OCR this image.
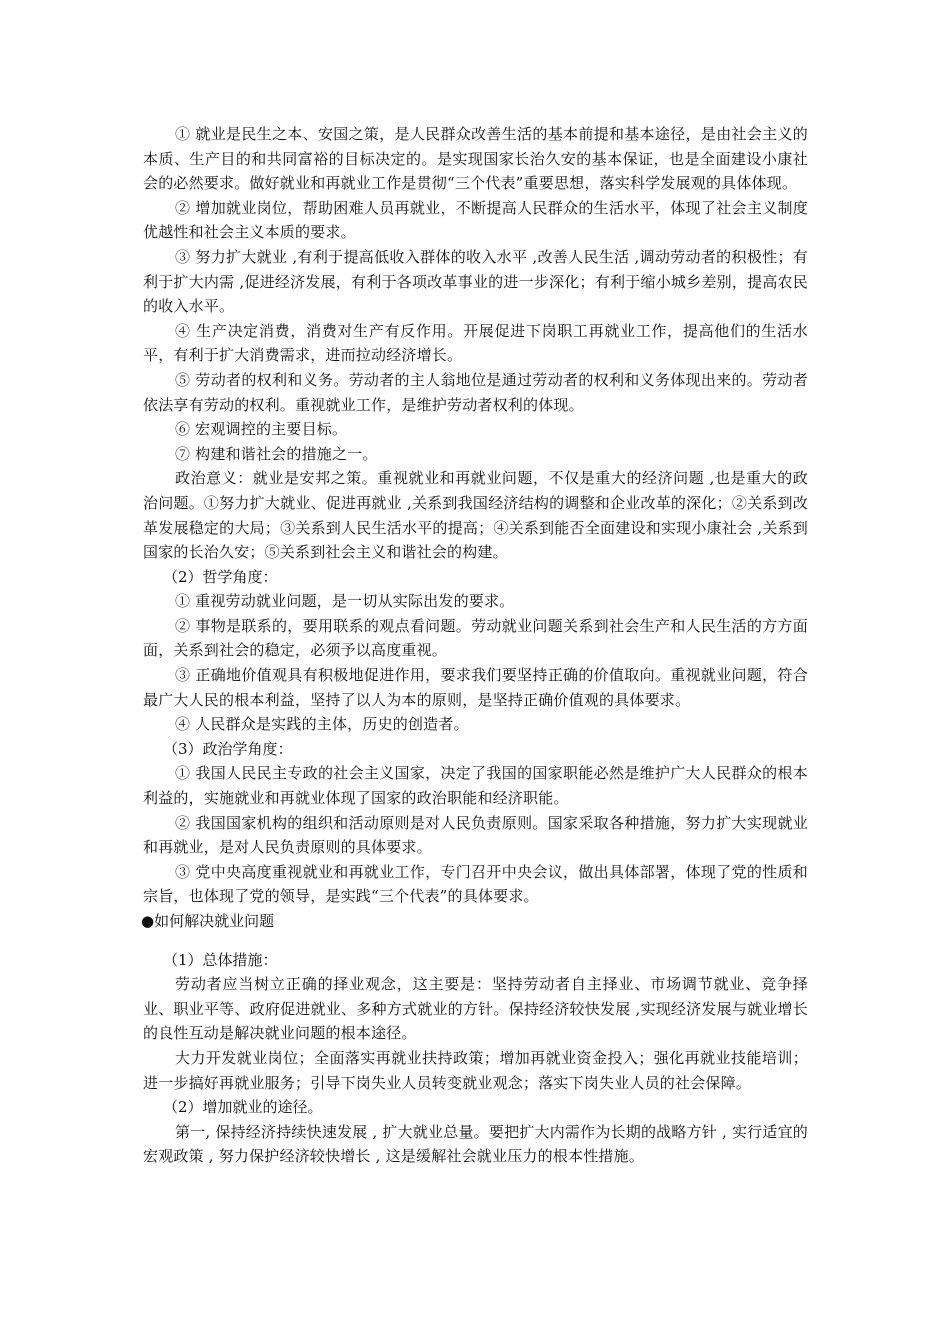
① 就业是民生之本、安国之策，是人民群众改善生活的基本前提和基本途径，是由社会主义的本质、生产目的和共同富裕的目标决定的。是实现国家长治久安的基本保证，也是全面建设小康社会的必然要求。做好就业和再就业工作是贯彻“三个代表”重要思想，落实科学发展观的具体体现。

② 增加就业岗位，帮助困难人员再就业，不断提高人民群众的生活水平，体现了社会主义制度优越性和社会主义本质的要求。

③ 努力扩大就业 ,有利于提高低收入群体的收入水平 ,改善人民生活 ,调动劳动者的积极性；有利于扩大内需 ,促进经济发展，有利于各项改革事业的进一步深化；有利于缩小城乡差别，提高农民的收入水平。

④ 生产决定消费，消费对生产有反作用。开展促进下岗职工再就业工作，提高他们的生活水平，有利于扩大消费需求，进而拉动经济增长。

⑤ 劳动者的权利和义务。劳动者的主人翁地位是通过劳动者的权利和义务体现出来的。劳动者依法享有劳动的权利。重视就业工作，是维护劳动者权利的体现。

⑥ 宏观调控的主要目标。

⑦ 构建和谐社会的措施之一。

政治意义：就业是安邦之策。重视就业和再就业问题，不仅是重大的经济问题 ,也是重大的政治问题。①努力扩大就业、促进再就业 ,关系到我国经济结构的调整和企业改革的深化；②关系到改革发展稳定的大局；③关系到人民生活水平的提高；④关系到能否全面建设和实现小康社会 ,关系到国家的长治久安；⑤关系到社会主义和谐社会的构建。

（2）哲学角度：

① 重视劳动就业问题，是一切从实际出发的要求。

② 事物是联系的，要用联系的观点看问题。劳动就业问题关系到社会生产和人民生活的方方面面，关系到社会的稳定，必须予以高度重视。

③ 正确地价值观具有积极地促进作用，要求我们要坚持正确的价值取向。重视就业问题，符合最广大人民的根本利益，坚持了以人为本的原则，是坚持正确价值观的具体要求。

④ 人民群众是实践的主体，历史的创造者。

（3）政治学角度：

① 我国人民民主专政的社会主义国家，决定了我国的国家职能必然是维护广大人民群众的根本利益的，实施就业和再就业体现了国家的政治职能和经济职能。

② 我国国家机构的组织和活动原则是对人民负责原则。国家采取各种措施，努力扩大实现就业和再就业，是对人民负责原则的具体要求。

③ 党中央高度重视就业和再就业工作，专门召开中央会议，做出具体部署，体现了党的性质和宗旨，也体现了党的领导，是实践“三个代表”的具体要求。

●如何解决就业问题

（1）总体措施：

劳动者应当树立正确的择业观念，这主要是：坚持劳动者自主择业、市场调节就业、竞争择业、职业平等、政府促进就业、多种方式就业的方针。保持经济较快发展 ,实现经济发展与就业增长的良性互动是解决就业问题的根本途径。

大力开发就业岗位；全面落实再就业扶持政策；增加再就业资金投入；强化再就业技能培训；进一步搞好再就业服务；引导下岗失业人员转变就业观念；落实下岗失业人员的社会保障。

（2）增加就业的途径。

第一, 保持经济持续快速发展 , 扩大就业总量。要把扩大内需作为长期的战略方针 , 实行适宜的宏观政策 , 努力保护经济较快增长 , 这是缓解社会就业压力的根本性措施。
